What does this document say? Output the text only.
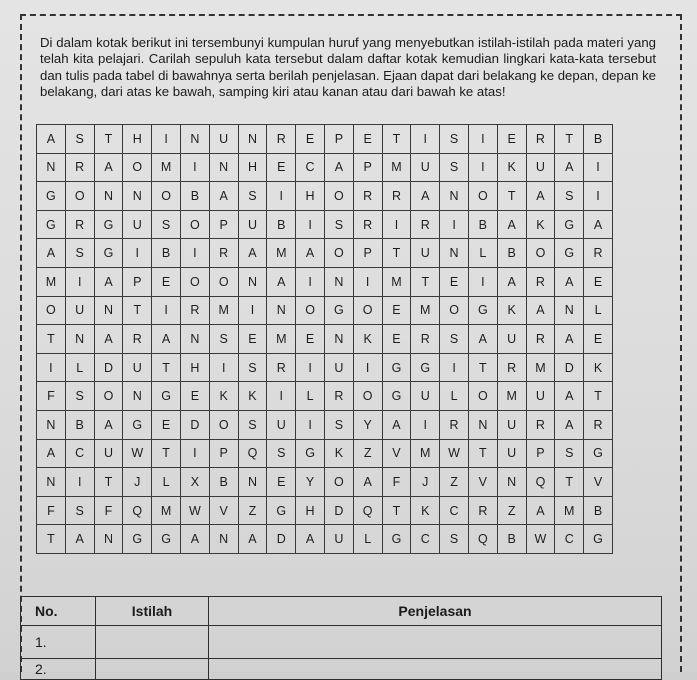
Di dalam kotak berikut ini tersembunyi kumpulan huruf yang menyebutkan istilah-istilah pada materi yang telah kita pelajari. Carilah sepuluh kata tersebut dalam daftar kotak kemudian lingkari kata-kata tersebut dan tulis pada tabel di bawahnya serta berilah penjelasan. Ejaan dapat dari belakang ke depan, depan ke belakang, dari atas ke bawah, samping kiri atau kanan atau dari bawah ke atas!

A	S	T	H	I	N	U	N	R	E	P	E	T	I	S	I	E	R	T	B
N	R	A	O	M	I	N	H	E	C	A	P	M	U	S	I	K	U	A	I
G	O	N	N	O	B	A	S	I	H	O	R	R	A	N	O	T	A	S	I
G	R	G	U	S	O	P	U	B	I	S	R	I	R	I	B	A	K	G	A
A	S	G	I	B	I	R	A	M	A	O	P	T	U	N	L	B	O	G	R
M	I	A	P	E	O	O	N	A	I	N	I	M	T	E	I	A	R	A	E
O	U	N	T	I	R	M	I	N	O	G	O	E	M	O	G	K	A	N	L
T	N	A	R	A	N	S	E	M	E	N	K	E	R	S	A	U	R	A	E
I	L	D	U	T	H	I	S	R	I	U	I	G	G	I	T	R	M	D	K
F	S	O	N	G	E	K	K	I	L	R	O	G	U	L	O	M	U	A	T
N	B	A	G	E	D	O	S	U	I	S	Y	A	I	R	N	U	R	A	R
A	C	U	W	T	I	P	Q	S	G	K	Z	V	M	W	T	U	P	S	G
N	I	T	J	L	X	B	N	E	Y	O	A	F	J	Z	V	N	Q	T	V
F	S	F	Q	M	W	V	Z	G	H	D	Q	T	K	C	R	Z	A	M	B
T	A	N	G	G	A	N	A	D	A	U	L	G	C	S	Q	B	W	C	G
No.	Istilah	Penjelasan
1.		
2.		
